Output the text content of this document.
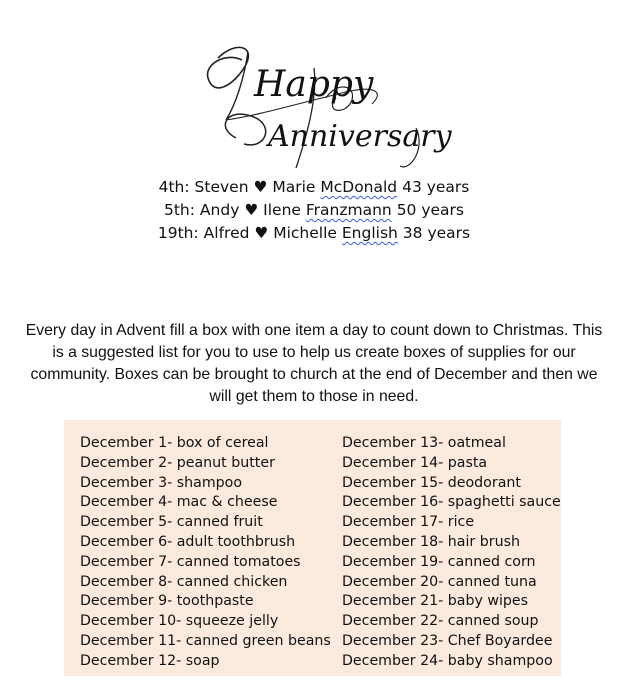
Happy
Anniversary
4th: Steven ♥ Marie McDonald 43 years
5th: Andy ♥ Ilene Franzmann 50 years
19th: Alfred ♥ Michelle English 38 years
Every day in Advent fill a box with one item a day to count down to Christmas. This is a suggested list for you to use to help us create boxes of supplies for our community. Boxes can be brought to church at the end of December and then we will get them to those in need.
December 1- box of cereal
December 2- peanut butter
December 3- shampoo
December 4- mac & cheese
December 5- canned fruit
December 6- adult toothbrush
December 7- canned tomatoes
December 8- canned chicken
December 9- toothpaste
December 10- squeeze jelly
December 11- canned green beans
December 12- soap
December 13- oatmeal
December 14- pasta
December 15- deodorant
December 16- spaghetti sauce
December 17- rice
December 18- hair brush
December 19- canned corn
December 20- canned tuna
December 21- baby wipes
December 22- canned soup
December 23- Chef Boyardee
December 24- baby shampoo
